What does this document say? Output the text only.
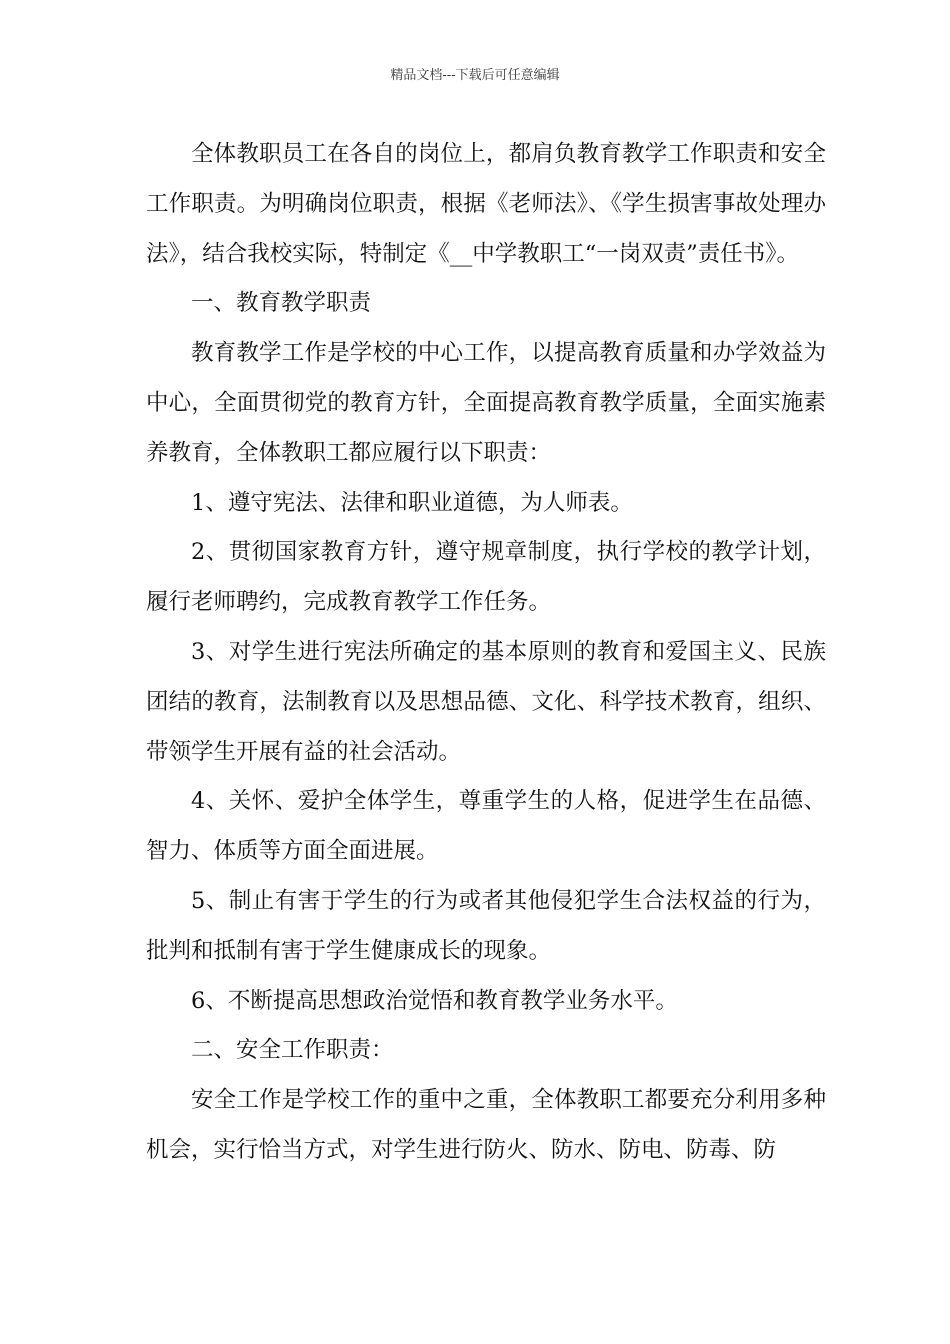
精品文档---下载后可任意编辑

全体教职员工在各自的岗位上，都肩负教育教学工作职责和安全工作职责。为明确岗位职责，根据《老师法》、《学生损害事故处理办法》，结合我校实际，特制定《__中学教职工“一岗双责”责任书》。

一、教育教学职责

教育教学工作是学校的中心工作，以提高教育质量和办学效益为中心，全面贯彻党的教育方针，全面提高教育教学质量，全面实施素养教育，全体教职工都应履行以下职责：

1、遵守宪法、法律和职业道德，为人师表。

2、贯彻国家教育方针，遵守规章制度，执行学校的教学计划，履行老师聘约，完成教育教学工作任务。

3、对学生进行宪法所确定的基本原则的教育和爱国主义、民族团结的教育，法制教育以及思想品德、文化、科学技术教育，组织、带领学生开展有益的社会活动。

4、关怀、爱护全体学生，尊重学生的人格，促进学生在品德、智力、体质等方面全面进展。

5、制止有害于学生的行为或者其他侵犯学生合法权益的行为，批判和抵制有害于学生健康成长的现象。

6、不断提高思想政治觉悟和教育教学业务水平。

二、安全工作职责：

安全工作是学校工作的重中之重，全体教职工都要充分利用多种机会，实行恰当方式，对学生进行防火、防水、防电、防毒、防
